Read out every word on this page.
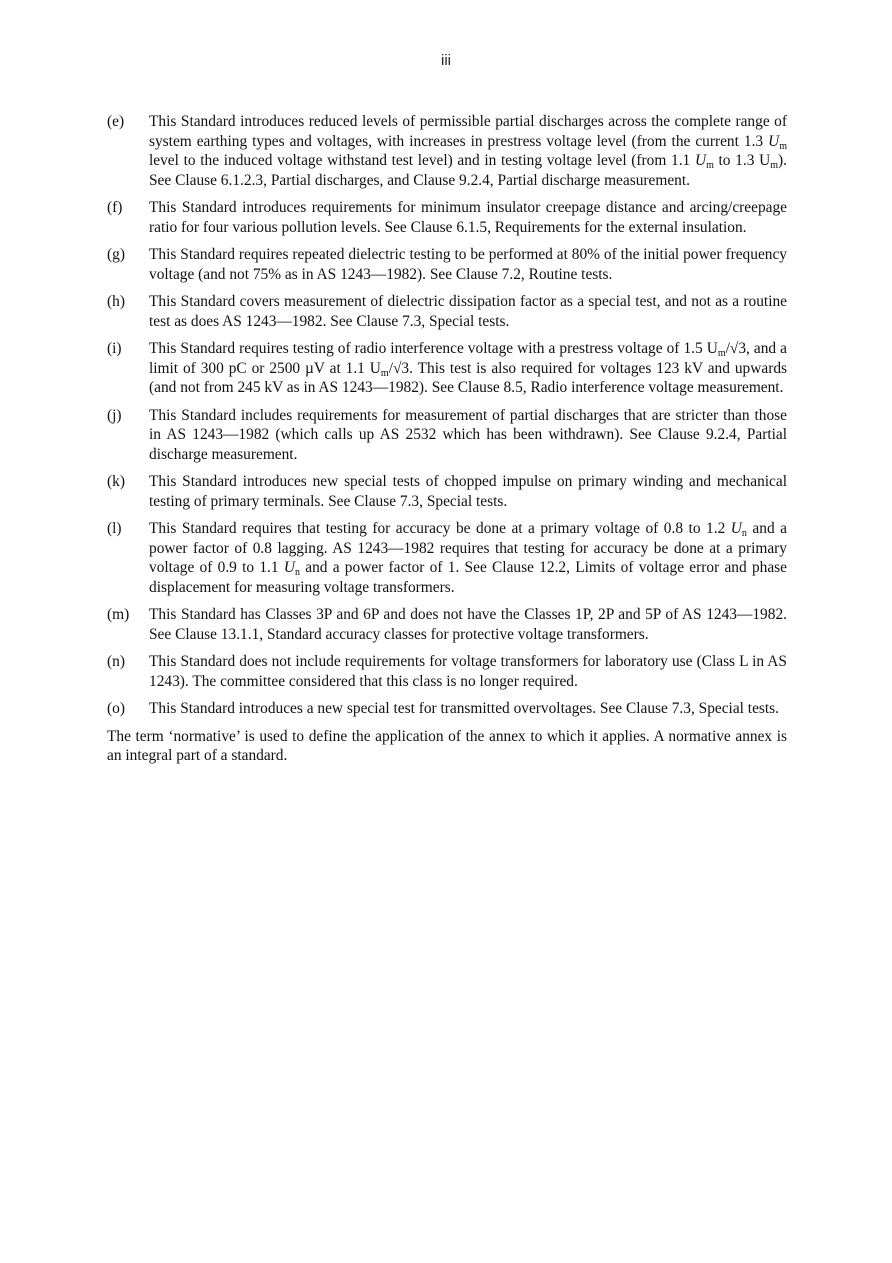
iii
(e)	This Standard introduces reduced levels of permissible partial discharges across the complete range of system earthing types and voltages, with increases in prestress voltage level (from the current 1.3 $U_m$ level to the induced voltage withstand test level) and in testing voltage level (from 1.1 $U_m$ to 1.3 $U_m$). See Clause 6.1.2.3, Partial discharges, and Clause 9.2.4, Partial discharge measurement.
(f)	This Standard introduces requirements for minimum insulator creepage distance and arcing/creepage ratio for four various pollution levels. See Clause 6.1.5, Requirements for the external insulation.
(g)	This Standard requires repeated dielectric testing to be performed at 80% of the initial power frequency voltage (and not 75% as in AS 1243—1982). See Clause 7.2, Routine tests.
(h)	This Standard covers measurement of dielectric dissipation factor as a special test, and not as a routine test as does AS 1243—1982. See Clause 7.3, Special tests.
(i)	This Standard requires testing of radio interference voltage with a prestress voltage of 1.5 $U_m/√3$, and a limit of 300 pC or 2500 µV at 1.1 $U_m/√3$. This test is also required for voltages 123 kV and upwards (and not from 245 kV as in AS 1243—1982). See Clause 8.5, Radio interference voltage measurement.
(j)	This Standard includes requirements for measurement of partial discharges that are stricter than those in AS 1243—1982 (which calls up AS 2532 which has been withdrawn). See Clause 9.2.4, Partial discharge measurement.
(k)	This Standard introduces new special tests of chopped impulse on primary winding and mechanical testing of primary terminals. See Clause 7.3, Special tests.
(l)	This Standard requires that testing for accuracy be done at a primary voltage of 0.8 to 1.2 $U_n$ and a power factor of 0.8 lagging. AS 1243—1982 requires that testing for accuracy be done at a primary voltage of 0.9 to 1.1 $U_n$ and a power factor of 1. See Clause 12.2, Limits of voltage error and phase displacement for measuring voltage transformers.
(m)	This Standard has Classes 3P and 6P and does not have the Classes 1P, 2P and 5P of AS 1243—1982. See Clause 13.1.1, Standard accuracy classes for protective voltage transformers.
(n)	This Standard does not include requirements for voltage transformers for laboratory use (Class L in AS 1243). The committee considered that this class is no longer required.
(o)	This Standard introduces a new special test for transmitted overvoltages. See Clause 7.3, Special tests.

The term ‘normative’ is used to define the application of the annex to which it applies. A normative annex is an integral part of a standard.
